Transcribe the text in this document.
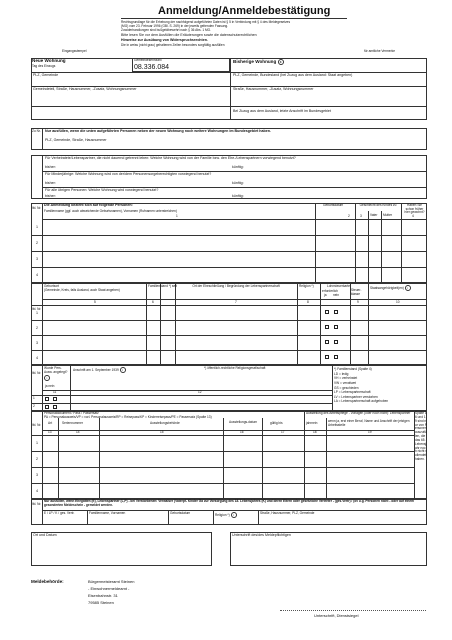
Anmeldung/Anmeldebestätigung
Rechtsgrundlage für die Erhebung der nachfolgend aufgeführten Daten ist § 5 in Verbindung mit § 4 des Meldegesetzes
(MG) vom 23. Februar 1996 (GBl. S. 269) in der jeweils geltenden Fassung.
Zuwiderhandlungen sind bußgeldbewehrt nach § 36 Abs. 1 MG.
Bitte lesen Sie vor dem Ausfüllen die Erläuterungen sowie die datenschutzrechtlichen
Hinweise zur Ausübung von Widerspruchsrechten.
Die in weiss (nicht grau) gehaltenen Zeilen besonders sorgfältig ausfüllen
Eingangsstempel	für amtliche Vermerke
Gemeindekennzahl
08.336.084
Neue Wohnung
Tag des Einzugs
Bisherige Wohnung 3
PLZ, Gemeinde	PLZ, Gemeinde, Bundesland (bei Zuzug aus dem Ausland: Staat angeben)
Gemeindeteil, Straße, Hausnummer, -Zusatz, Wohnungsnummer	Straße, Hausnummer, -Zusatz, Wohnungsnummer
Bei Zuzug aus dem Ausland, letzte Anschrift im Bundesgebiet
Zu Nr. Nur ausfüllen, wenn die unten aufgeführten Personen neben der neuen Wohnung noch weitere Wohnungen im Bundesgebiet haben.
PLZ, Gemeinde, Straße, Hausnummer
Für Verheiratete/Lebenspartner, die nicht dauernd getrennt leben: Welche Wohnung wird von der Familie bzw. den Ehe-/Lebenspartnern vorwiegend benutzt?
bisher:	künftig:
Für Minderjährige: Welche Wohnung wird von der/dem Personensorgeberechtigten vorwiegend benutzt?
bisher:	künftig:
Für alle übrigen Personen: Welche Wohnung wird vorwiegend benutzt?
bisher:	künftig:
lfd. Nr.
Die Anmeldung bezieht sich auf folgende Personen:
Familienname (ggf. auch abweichende Geburtsnamen), Vornamen (Rufnamen unterstreichen)
Geburtsdatum	Geschlecht des Kindes zu
Vater Mutter
Haben Sie schon früher hier gewohnt?
1	2	3	4
1
2
3
4
Geburtsort
(Gemeinde, Kreis, falls Ausland, auch Staat angeben)
Familienstand *) seit	Ort der Eheschließung / Begründung der Lebenspartnerschaft	Religion *)	Lohnsteuerkarte
erforderlich
ja nein
Steuer-klasse
Staatsangehörigkeit(en) i
5	6	7	8	9	10
lfd. Nr.
1
2
3
4
lfd. Nr.
Wurde Pers. Ausw. angelegt? i
ja nein
Anschrift am 1. September 1939 i	*) öffentlich-rechtliche Religionsgesellschaft	*) Familienstand (Spalte 4)
LD = ledig
VH = verheiratet
VW = verwitwet
GS = geschieden
LP = Lebenspartnerschaft
LV = Lebenspartner verstorben
LA = Lebenspartnerschaft aufgehoben
11	12
1
2
Personaldokument / Pass / Passersatz
PA = Personalausweis/VP = vorl. Personalausweis/RP = Reisepass/KP = Kinderreisepass/PE = Passersatz (Spalte 13)
Art	Seriennummer	Ausstellungsbehörde	Ausstellungs-datum	gültig bis
Ausstellung des Arbeitspflege - Vorlagen (oder noch nicht): Lebenspartner
jahrnein	wenn ja, erst einer Beruf, Name und Anschrift der jetzigen Arbeitsstelle
Spalte 16 und 19 sind nur von Personen auszufüllen, die das 65. Lebensjahr noch nicht vollendet haben.
13	14	15	16	17	18	19
lfd. Nr.
1
2
3
4
Nur ausfüllen, wenn Ehegatten (E), Lebenspartner (L,P) - bei Verstorbenen: Verwaiser (Vaterpf- Kinder Ga zur Vorsorgung des 18. Lebensjahres (K) und deren Eltern oder gesetzliche Vertreter - (ges.Vertr) / (ov u.g. Personen nicht - oder auf einem gesonderten Meldeschein - gemeldet werden.
lfd. Nr.
E / LP / K / ges. Vertr.	Familienname, Vornamen	Geburtsdatum	Religion *) i	Straße, Hausnummer, PLZ, Gemeinde
Ort und Datum	Unterschrift des/des Meldepflichtigen
Meldebehörde:	Bürgermeisteramt Steinen
- Einwohnermeldeamt -
Eisenbahnstr. 31
79585 Steinen
Unterschrift, Dienstsiegel
